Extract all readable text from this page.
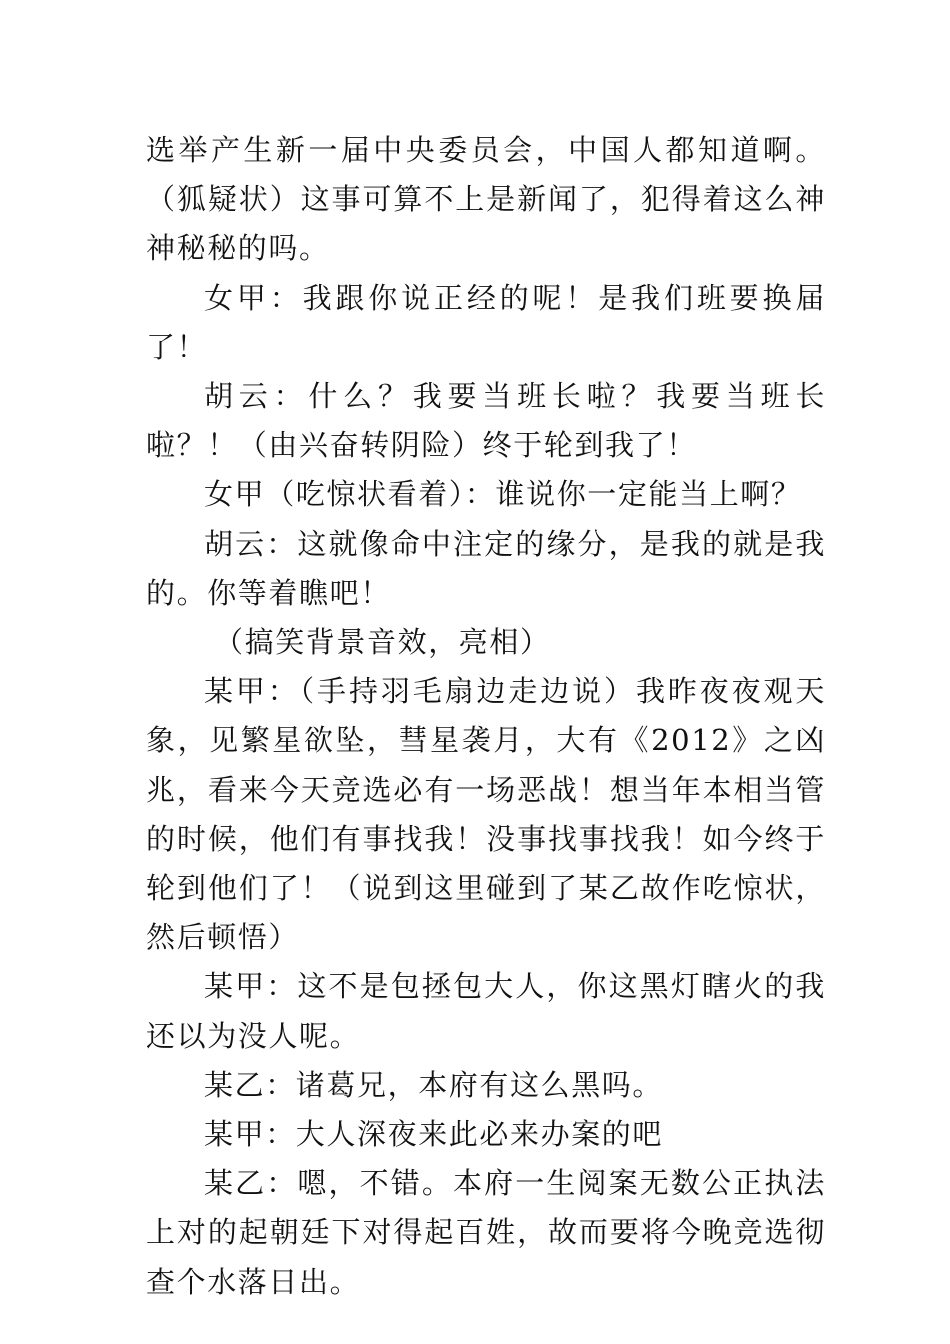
选举产生新一届中央委员会，中国人都知道啊。（狐疑状）这事可算不上是新闻了，犯得着这么神神秘秘的吗。

女甲：我跟你说正经的呢！是我们班要换届了！

胡云：什么？我要当班长啦？我要当班长啦？！（由兴奋转阴险）终于轮到我了！

女甲（吃惊状看着）：谁说你一定能当上啊？

胡云：这就像命中注定的缘分，是我的就是我的。你等着瞧吧！

（搞笑背景音效，亮相）

某甲：（手持羽毛扇边走边说）我昨夜夜观天象，见繁星欲坠，彗星袭月，大有《2012》之凶兆，看来今天竞选必有一场恶战！想当年本相当管的时候，他们有事找我！没事找事找我！如今终于轮到他们了！（说到这里碰到了某乙故作吃惊状，然后顿悟）

某甲：这不是包拯包大人，你这黑灯瞎火的我还以为没人呢。

某乙：诸葛兄，本府有这么黑吗。

某甲：大人深夜来此必来办案的吧

某乙：嗯，不错。本府一生阅案无数公正执法上对的起朝廷下对得起百姓，故而要将今晚竞选彻查个水落日出。
